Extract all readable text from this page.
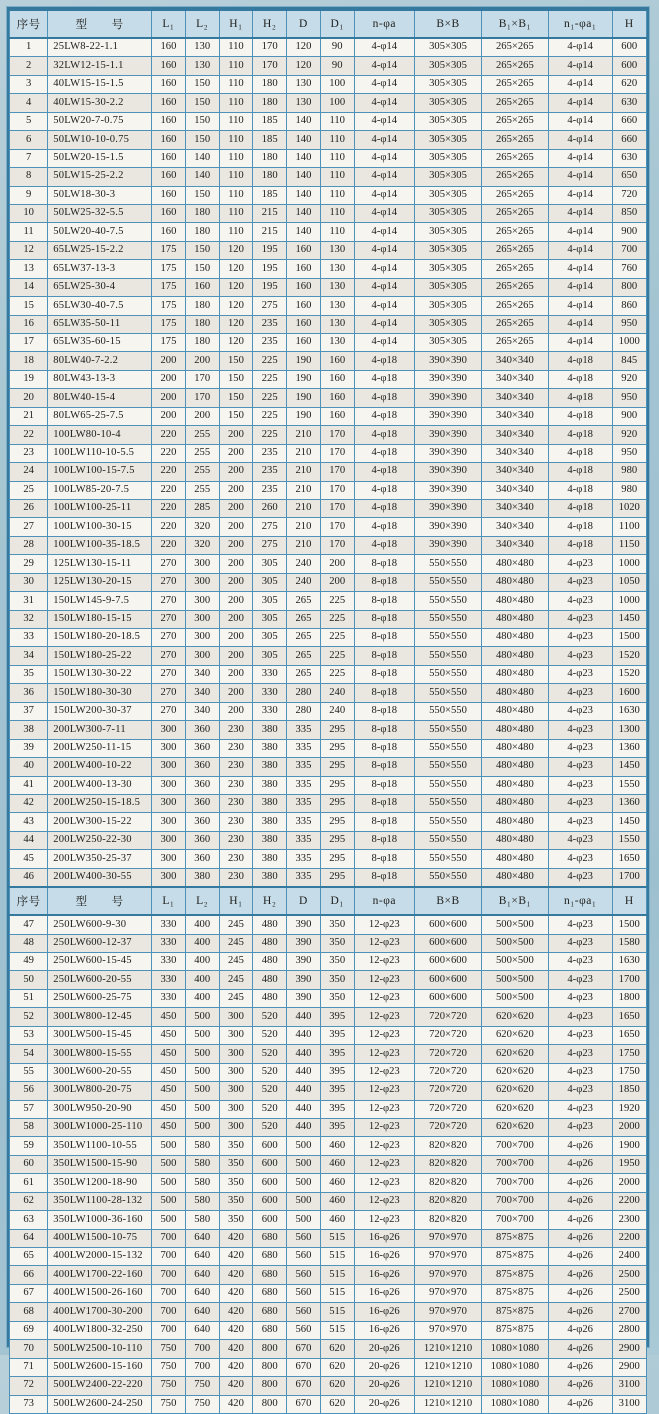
序号	型　　号	L₁	L₂	H₁	H₂	D	D₁	n-φa	B×B	B₁×B₁	n₁-φa₁	H
1	25LW8-22-1.1	160	130	110	170	120	90	4-φ14	305×305	265×265	4-φ14	600
2	32LW12-15-1.1	160	130	110	170	120	90	4-φ14	305×305	265×265	4-φ14	600
3	40LW15-15-1.5	160	150	110	180	130	100	4-φ14	305×305	265×265	4-φ14	620
4	40LW15-30-2.2	160	150	110	180	130	100	4-φ14	305×305	265×265	4-φ14	630
5	50LW20-7-0.75	160	150	110	185	140	110	4-φ14	305×305	265×265	4-φ14	660
6	50LW10-10-0.75	160	150	110	185	140	110	4-φ14	305×305	265×265	4-φ14	660
7	50LW20-15-1.5	160	140	110	180	140	110	4-φ14	305×305	265×265	4-φ14	630
8	50LW15-25-2.2	160	140	110	180	140	110	4-φ14	305×305	265×265	4-φ14	650
9	50LW18-30-3	160	150	110	185	140	110	4-φ14	305×305	265×265	4-φ14	720
10	50LW25-32-5.5	160	180	110	215	140	110	4-φ14	305×305	265×265	4-φ14	850
11	50LW20-40-7.5	160	180	110	215	140	110	4-φ14	305×305	265×265	4-φ14	900
12	65LW25-15-2.2	175	150	120	195	160	130	4-φ14	305×305	265×265	4-φ14	700
13	65LW37-13-3	175	150	120	195	160	130	4-φ14	305×305	265×265	4-φ14	760
14	65LW25-30-4	175	160	120	195	160	130	4-φ14	305×305	265×265	4-φ14	800
15	65LW30-40-7.5	175	180	120	275	160	130	4-φ14	305×305	265×265	4-φ14	860
16	65LW35-50-11	175	180	120	235	160	130	4-φ14	305×305	265×265	4-φ14	950
17	65LW35-60-15	175	180	120	235	160	130	4-φ14	305×305	265×265	4-φ14	1000
18	80LW40-7-2.2	200	200	150	225	190	160	4-φ18	390×390	340×340	4-φ18	845
19	80LW43-13-3	200	170	150	225	190	160	4-φ18	390×390	340×340	4-φ18	920
20	80LW40-15-4	200	170	150	225	190	160	4-φ18	390×390	340×340	4-φ18	950
21	80LW65-25-7.5	200	200	150	225	190	160	4-φ18	390×390	340×340	4-φ18	900
22	100LW80-10-4	220	255	200	225	210	170	4-φ18	390×390	340×340	4-φ18	920
23	100LW110-10-5.5	220	255	200	235	210	170	4-φ18	390×390	340×340	4-φ18	950
24	100LW100-15-7.5	220	255	200	235	210	170	4-φ18	390×390	340×340	4-φ18	980
25	100LW85-20-7.5	220	255	200	235	210	170	4-φ18	390×390	340×340	4-φ18	980
26	100LW100-25-11	220	285	200	260	210	170	4-φ18	390×390	340×340	4-φ18	1020
27	100LW100-30-15	220	320	200	275	210	170	4-φ18	390×390	340×340	4-φ18	1100
28	100LW100-35-18.5	220	320	200	275	210	170	4-φ18	390×390	340×340	4-φ18	1150
29	125LW130-15-11	270	300	200	305	240	200	8-φ18	550×550	480×480	4-φ23	1000
30	125LW130-20-15	270	300	200	305	240	200	8-φ18	550×550	480×480	4-φ23	1050
31	150LW145-9-7.5	270	300	200	305	265	225	8-φ18	550×550	480×480	4-φ23	1000
32	150LW180-15-15	270	300	200	305	265	225	8-φ18	550×550	480×480	4-φ23	1450
33	150LW180-20-18.5	270	300	200	305	265	225	8-φ18	550×550	480×480	4-φ23	1500
34	150LW180-25-22	270	300	200	305	265	225	8-φ18	550×550	480×480	4-φ23	1520
35	150LW130-30-22	270	340	200	330	265	225	8-φ18	550×550	480×480	4-φ23	1520
36	150LW180-30-30	270	340	200	330	280	240	8-φ18	550×550	480×480	4-φ23	1600
37	150LW200-30-37	270	340	200	330	280	240	8-φ18	550×550	480×480	4-φ23	1630
38	200LW300-7-11	300	360	230	380	335	295	8-φ18	550×550	480×480	4-φ23	1300
39	200LW250-11-15	300	360	230	380	335	295	8-φ18	550×550	480×480	4-φ23	1360
40	200LW400-10-22	300	360	230	380	335	295	8-φ18	550×550	480×480	4-φ23	1450
41	200LW400-13-30	300	360	230	380	335	295	8-φ18	550×550	480×480	4-φ23	1550
42	200LW250-15-18.5	300	360	230	380	335	295	8-φ18	550×550	480×480	4-φ23	1360
43	200LW300-15-22	300	360	230	380	335	295	8-φ18	550×550	480×480	4-φ23	1450
44	200LW250-22-30	300	360	230	380	335	295	8-φ18	550×550	480×480	4-φ23	1550
45	200LW350-25-37	300	360	230	380	335	295	8-φ18	550×550	480×480	4-φ23	1650
46	200LW400-30-55	300	380	230	380	335	295	8-φ18	550×550	480×480	4-φ23	1700
序号	型　　号	L₁	L₂	H₁	H₂	D	D₁	n-φa	B×B	B₁×B₁	n₁-φa₁	H
47	250LW600-9-30	330	400	245	480	390	350	12-φ23	600×600	500×500	4-φ23	1500
48	250LW600-12-37	330	400	245	480	390	350	12-φ23	600×600	500×500	4-φ23	1580
49	250LW600-15-45	330	400	245	480	390	350	12-φ23	600×600	500×500	4-φ23	1630
50	250LW600-20-55	330	400	245	480	390	350	12-φ23	600×600	500×500	4-φ23	1700
51	250LW600-25-75	330	400	245	480	390	350	12-φ23	600×600	500×500	4-φ23	1800
52	300LW800-12-45	450	500	300	520	440	395	12-φ23	720×720	620×620	4-φ23	1650
53	300LW500-15-45	450	500	300	520	440	395	12-φ23	720×720	620×620	4-φ23	1650
54	300LW800-15-55	450	500	300	520	440	395	12-φ23	720×720	620×620	4-φ23	1750
55	300LW600-20-55	450	500	300	520	440	395	12-φ23	720×720	620×620	4-φ23	1750
56	300LW800-20-75	450	500	300	520	440	395	12-φ23	720×720	620×620	4-φ23	1850
57	300LW950-20-90	450	500	300	520	440	395	12-φ23	720×720	620×620	4-φ23	1920
58	300LW1000-25-110	450	500	300	520	440	395	12-φ23	720×720	620×620	4-φ23	2000
59	350LW1100-10-55	500	580	350	600	500	460	12-φ23	820×820	700×700	4-φ26	1900
60	350LW1500-15-90	500	580	350	600	500	460	12-φ23	820×820	700×700	4-φ26	1950
61	350LW1200-18-90	500	580	350	600	500	460	12-φ23	820×820	700×700	4-φ26	2000
62	350LW1100-28-132	500	580	350	600	500	460	12-φ23	820×820	700×700	4-φ26	2200
63	350LW1000-36-160	500	580	350	600	500	460	12-φ23	820×820	700×700	4-φ26	2300
64	400LW1500-10-75	700	640	420	680	560	515	16-φ26	970×970	875×875	4-φ26	2200
65	400LW2000-15-132	700	640	420	680	560	515	16-φ26	970×970	875×875	4-φ26	2400
66	400LW1700-22-160	700	640	420	680	560	515	16-φ26	970×970	875×875	4-φ26	2500
67	400LW1500-26-160	700	640	420	680	560	515	16-φ26	970×970	875×875	4-φ26	2500
68	400LW1700-30-200	700	640	420	680	560	515	16-φ26	970×970	875×875	4-φ26	2700
69	400LW1800-32-250	700	640	420	680	560	515	16-φ26	970×970	875×875	4-φ26	2800
70	500LW2500-10-110	750	700	420	800	670	620	20-φ26	1210×1210	1080×1080	4-φ26	2900
71	500LW2600-15-160	750	700	420	800	670	620	20-φ26	1210×1210	1080×1080	4-φ26	2900
72	500LW2400-22-220	750	750	420	800	670	620	20-φ26	1210×1210	1080×1080	4-φ26	3100
73	500LW2600-24-250	750	750	420	800	670	620	20-φ26	1210×1210	1080×1080	4-φ26	3100
